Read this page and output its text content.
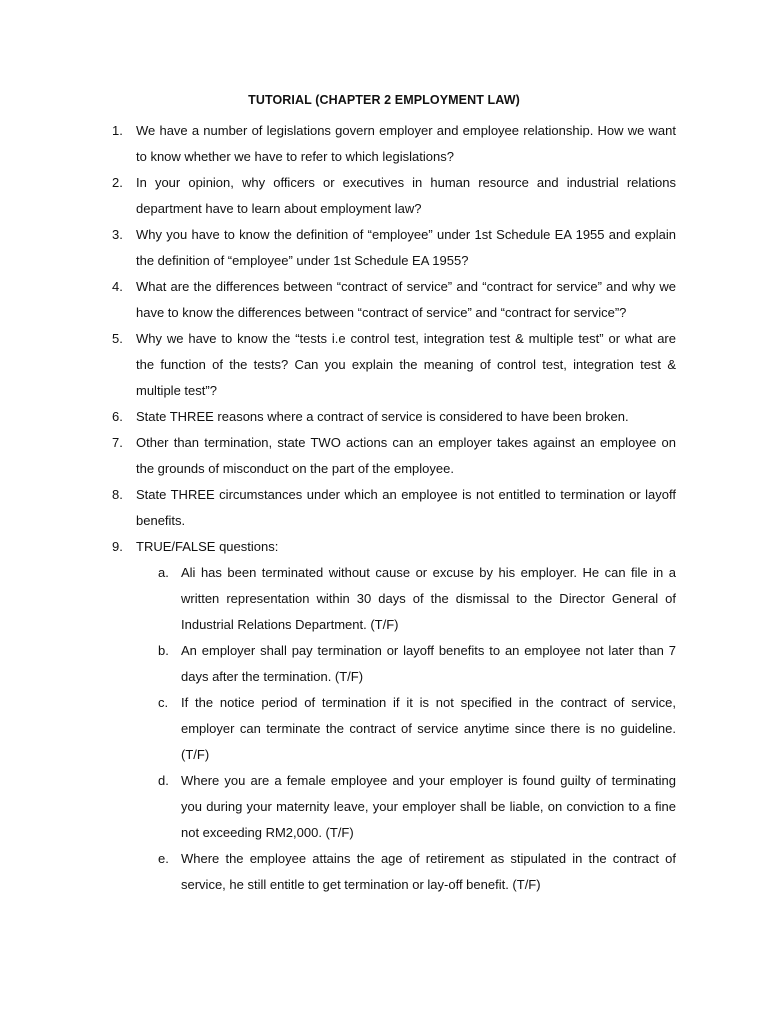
TUTORIAL (CHAPTER 2 EMPLOYMENT LAW)
1.	We have a number of legislations govern employer and employee relationship. How we want to know whether we have to refer to which legislations?
2.	In your opinion, why officers or executives in human resource and industrial relations department have to learn about employment law?
3.	Why you have to know the definition of “employee” under 1st Schedule EA 1955 and explain the definition of “employee” under 1st Schedule EA 1955?
4.	What are the differences between “contract of service” and “contract for service” and why we have to know the differences between “contract of service” and “contract for service”?
5.	Why we have to know the “tests i.e control test, integration test & multiple test” or what are the function of the tests? Can you explain the meaning of control test, integration test & multiple test”?
6.	State THREE reasons where a contract of service is considered to have been broken.
7.	Other than termination, state TWO actions can an employer takes against an employee on the grounds of misconduct on the part of the employee.
8.	State THREE circumstances under which an employee is not entitled to termination or layoff benefits.
9.	TRUE/FALSE questions:
a. Ali has been terminated without cause or excuse by his employer. He can file in a written representation within 30 days of the dismissal to the Director General of Industrial Relations Department. (T/F)
b. An employer shall pay termination or layoff benefits to an employee not later than 7 days after the termination. (T/F)
c. If the notice period of termination if it is not specified in the contract of service, employer can terminate the contract of service anytime since there is no guideline. (T/F)
d. Where you are a female employee and your employer is found guilty of terminating you during your maternity leave, your employer shall be liable, on conviction to a fine not exceeding RM2,000. (T/F)
e. Where the employee attains the age of retirement as stipulated in the contract of service, he still entitle to get termination or lay-off benefit. (T/F)
